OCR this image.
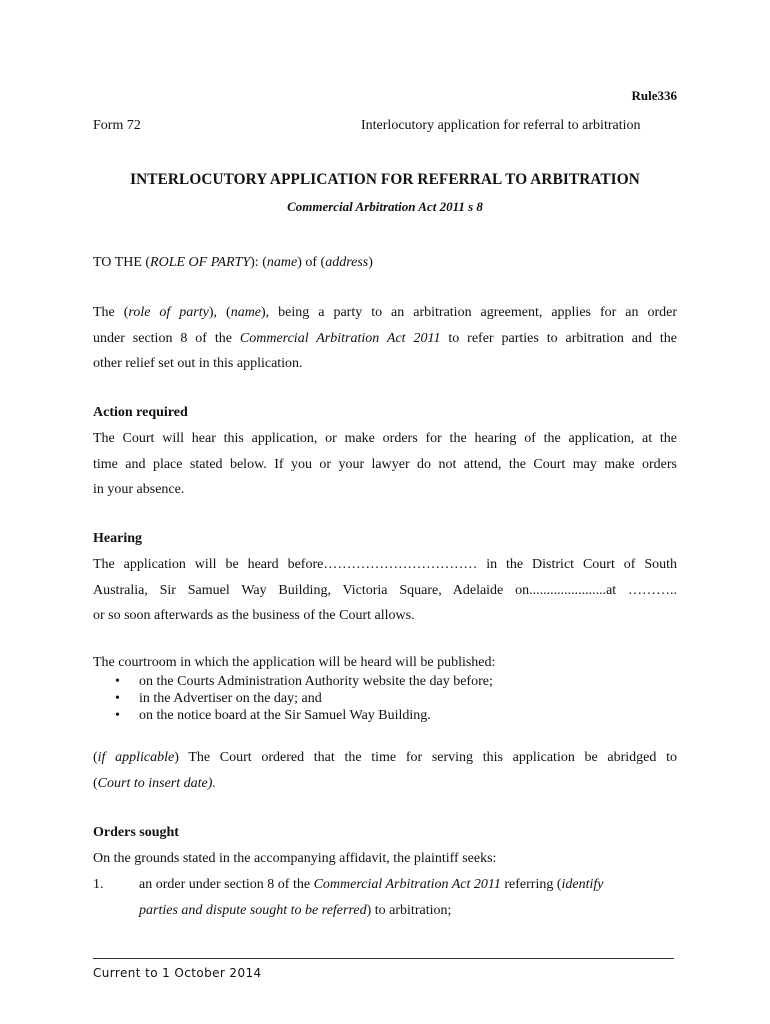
Rule336
Form 72	Interlocutory application for referral to arbitration
INTERLOCUTORY APPLICATION FOR REFERRAL TO ARBITRATION
Commercial Arbitration Act 2011 s 8
TO THE (ROLE OF PARTY): (name) of (address)
The (role of party), (name), being a party to an arbitration agreement, applies for an order
under section 8 of the Commercial Arbitration Act 2011 to refer parties to arbitration and the
other relief set out in this application.
Action required
The Court will hear this application, or make orders for the hearing of the application, at the
time and place stated below. If you or your lawyer do not attend, the Court may make orders
in your absence.
Hearing
The application will be heard before…………………………… in the District Court of South
Australia, Sir Samuel Way Building, Victoria Square, Adelaide on......................at ………..
or so soon afterwards as the business of the Court allows.
The courtroom in which the application will be heard will be published:
• on the Courts Administration Authority website the day before;
• in the Advertiser on the day; and
• on the notice board at the Sir Samuel Way Building.
(if applicable) The Court ordered that the time for serving this application be abridged to
(Court to insert date).
Orders sought
On the grounds stated in the accompanying affidavit, the plaintiff seeks:
1.	an order under section 8 of the Commercial Arbitration Act 2011 referring (identify
parties and dispute sought to be referred) to arbitration;
Current to 1 October 2014
